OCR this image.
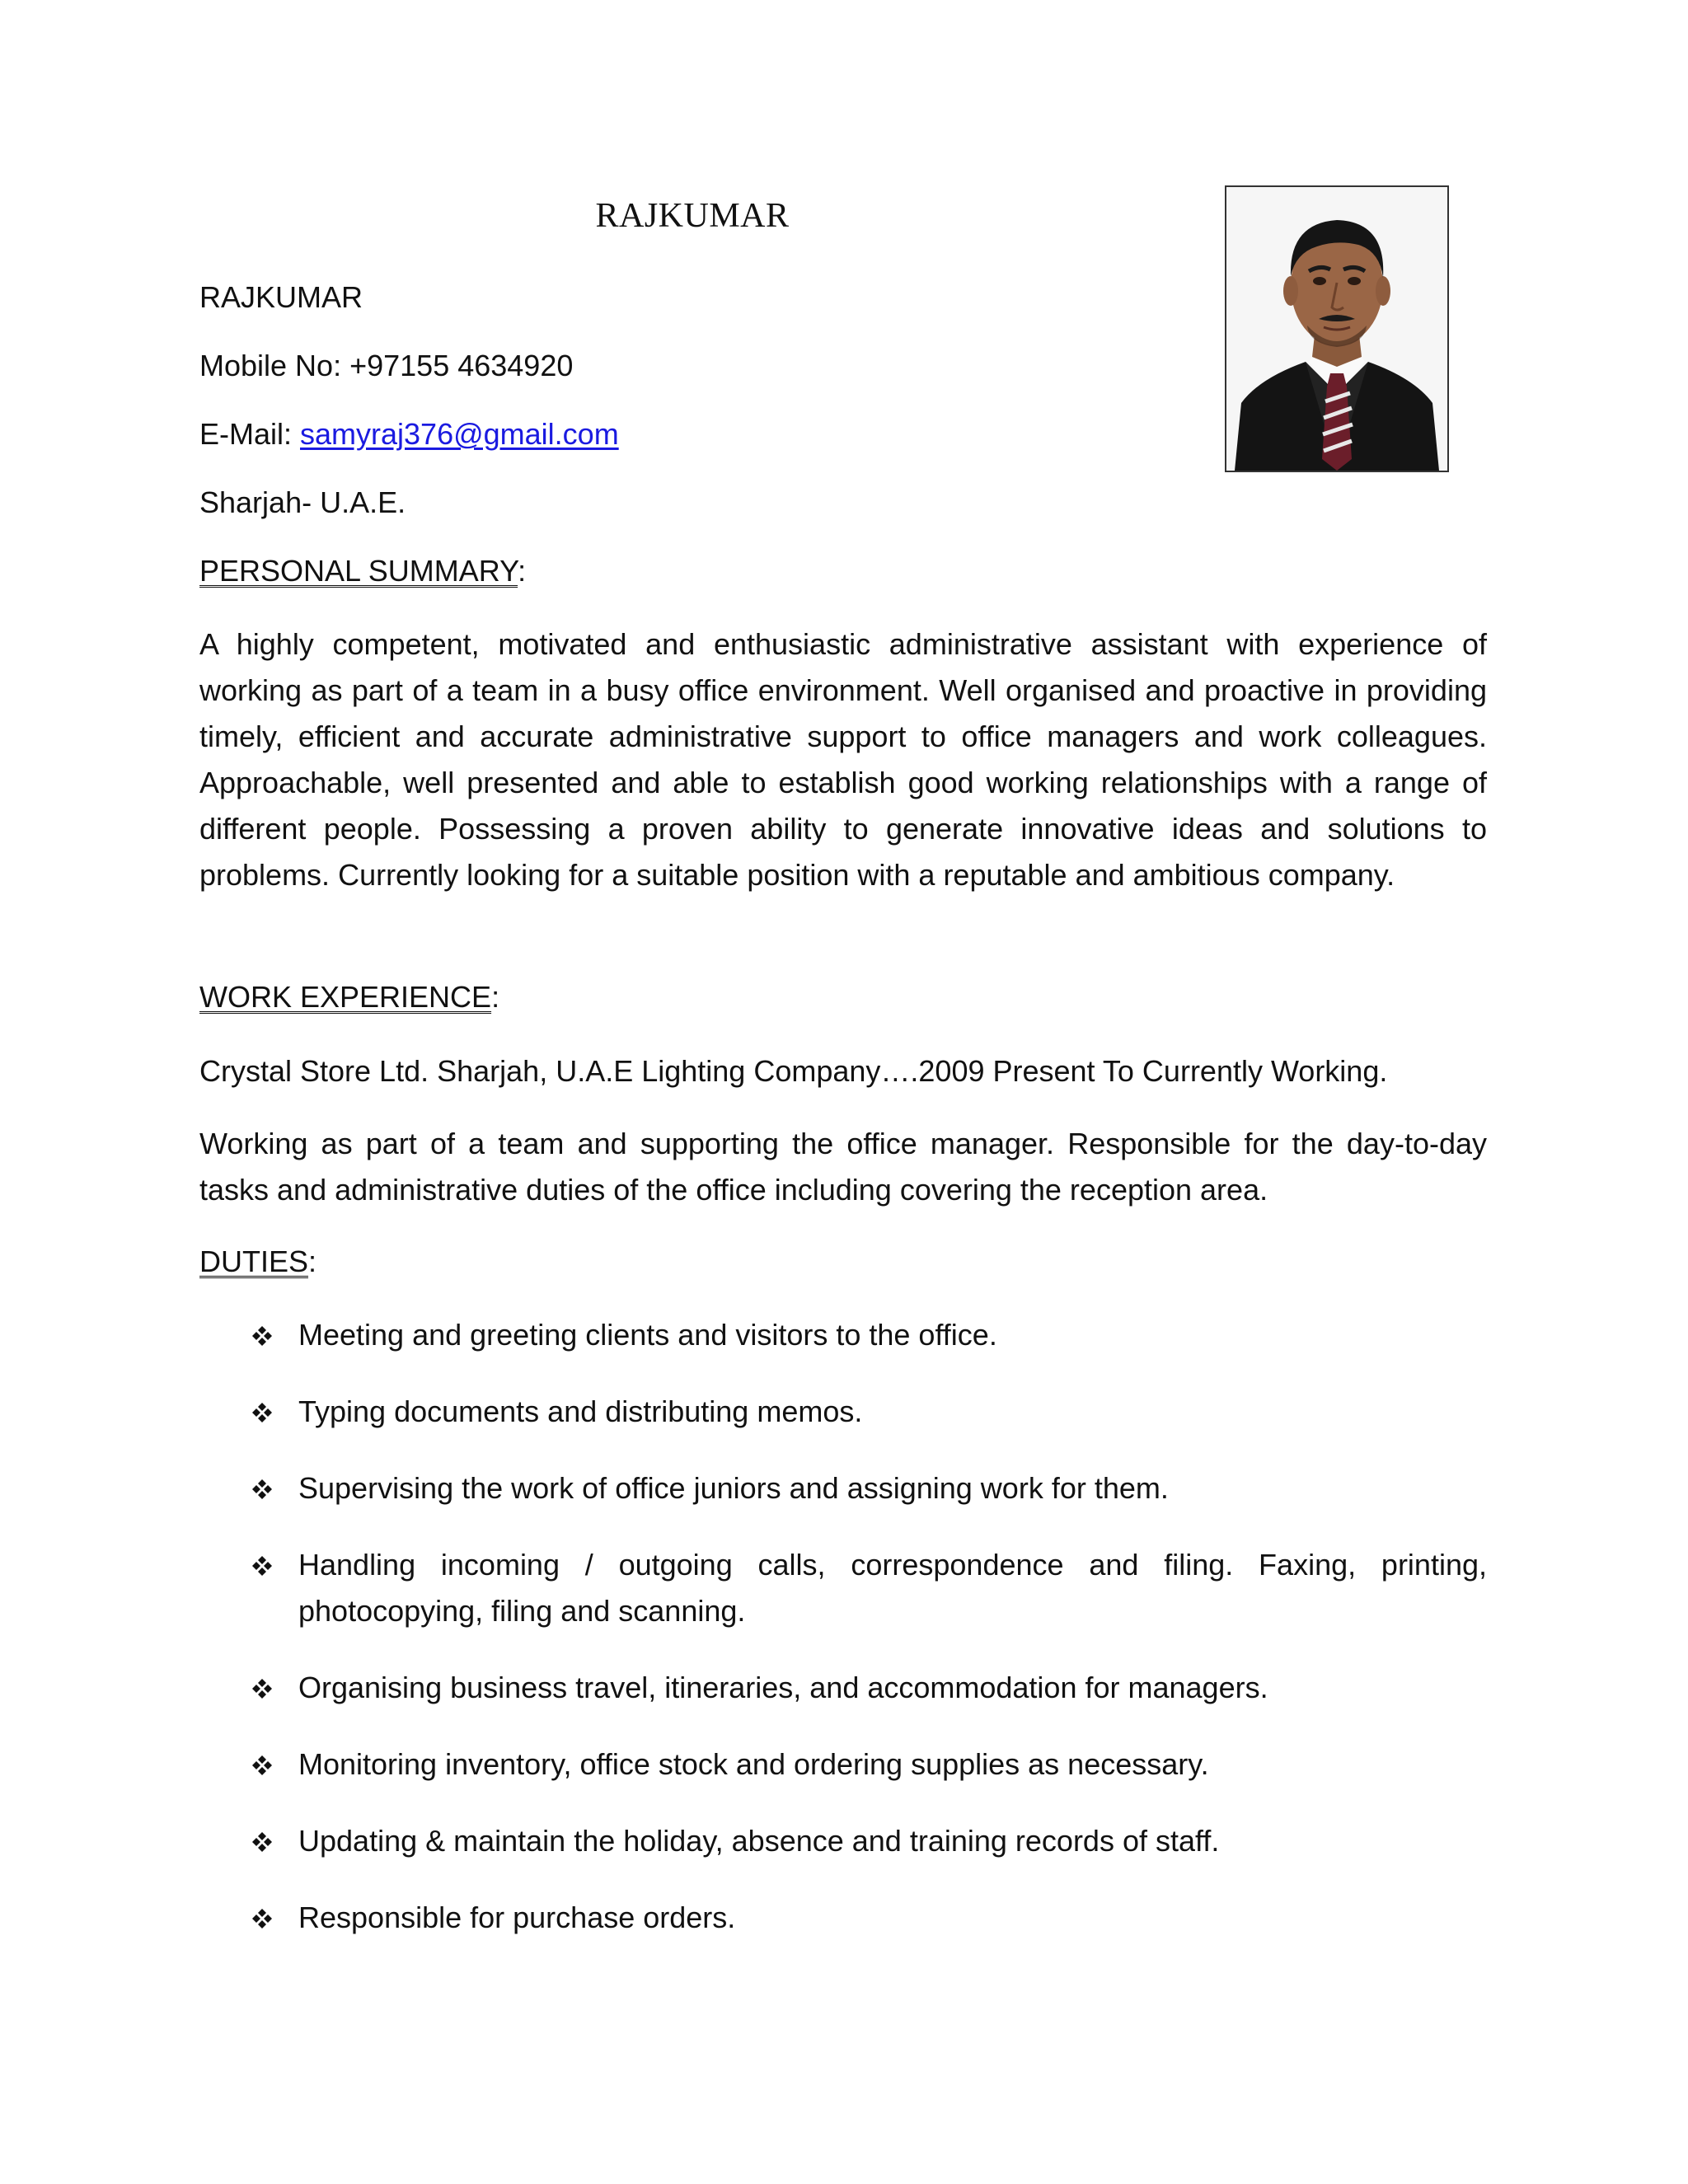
RAJKUMAR
RAJKUMAR
Mobile No: +97155 4634920
E-Mail: samyraj376@gmail.com
Sharjah- U.A.E.
PERSONAL SUMMARY:
A highly competent, motivated and enthusiastic administrative assistant with experience of working as part of a team in a busy office environment. Well organised and proactive in providing timely, efficient and accurate administrative support to office managers and work colleagues. Approachable, well presented and able to establish good working relationships with a range of different people. Possessing a proven ability to generate innovative ideas and solutions to problems. Currently looking for a suitable position with a reputable and ambitious company.
WORK EXPERIENCE:
Crystal Store Ltd. Sharjah, U.A.E Lighting Company….2009 Present To Currently Working.
Working as part of a team and supporting the office manager. Responsible for the day-to-day tasks and administrative duties of the office including covering the reception area.
DUTIES:
Meeting and greeting clients and visitors to the office.
Typing documents and distributing memos.
Supervising the work of office juniors and assigning work for them.
Handling incoming / outgoing calls, correspondence and filing. Faxing, printing, photocopying, filing and scanning.
Organising business travel, itineraries, and accommodation for managers.
Monitoring inventory, office stock and ordering supplies as necessary.
Updating & maintain the holiday, absence and training records of staff.
Responsible for purchase orders.
